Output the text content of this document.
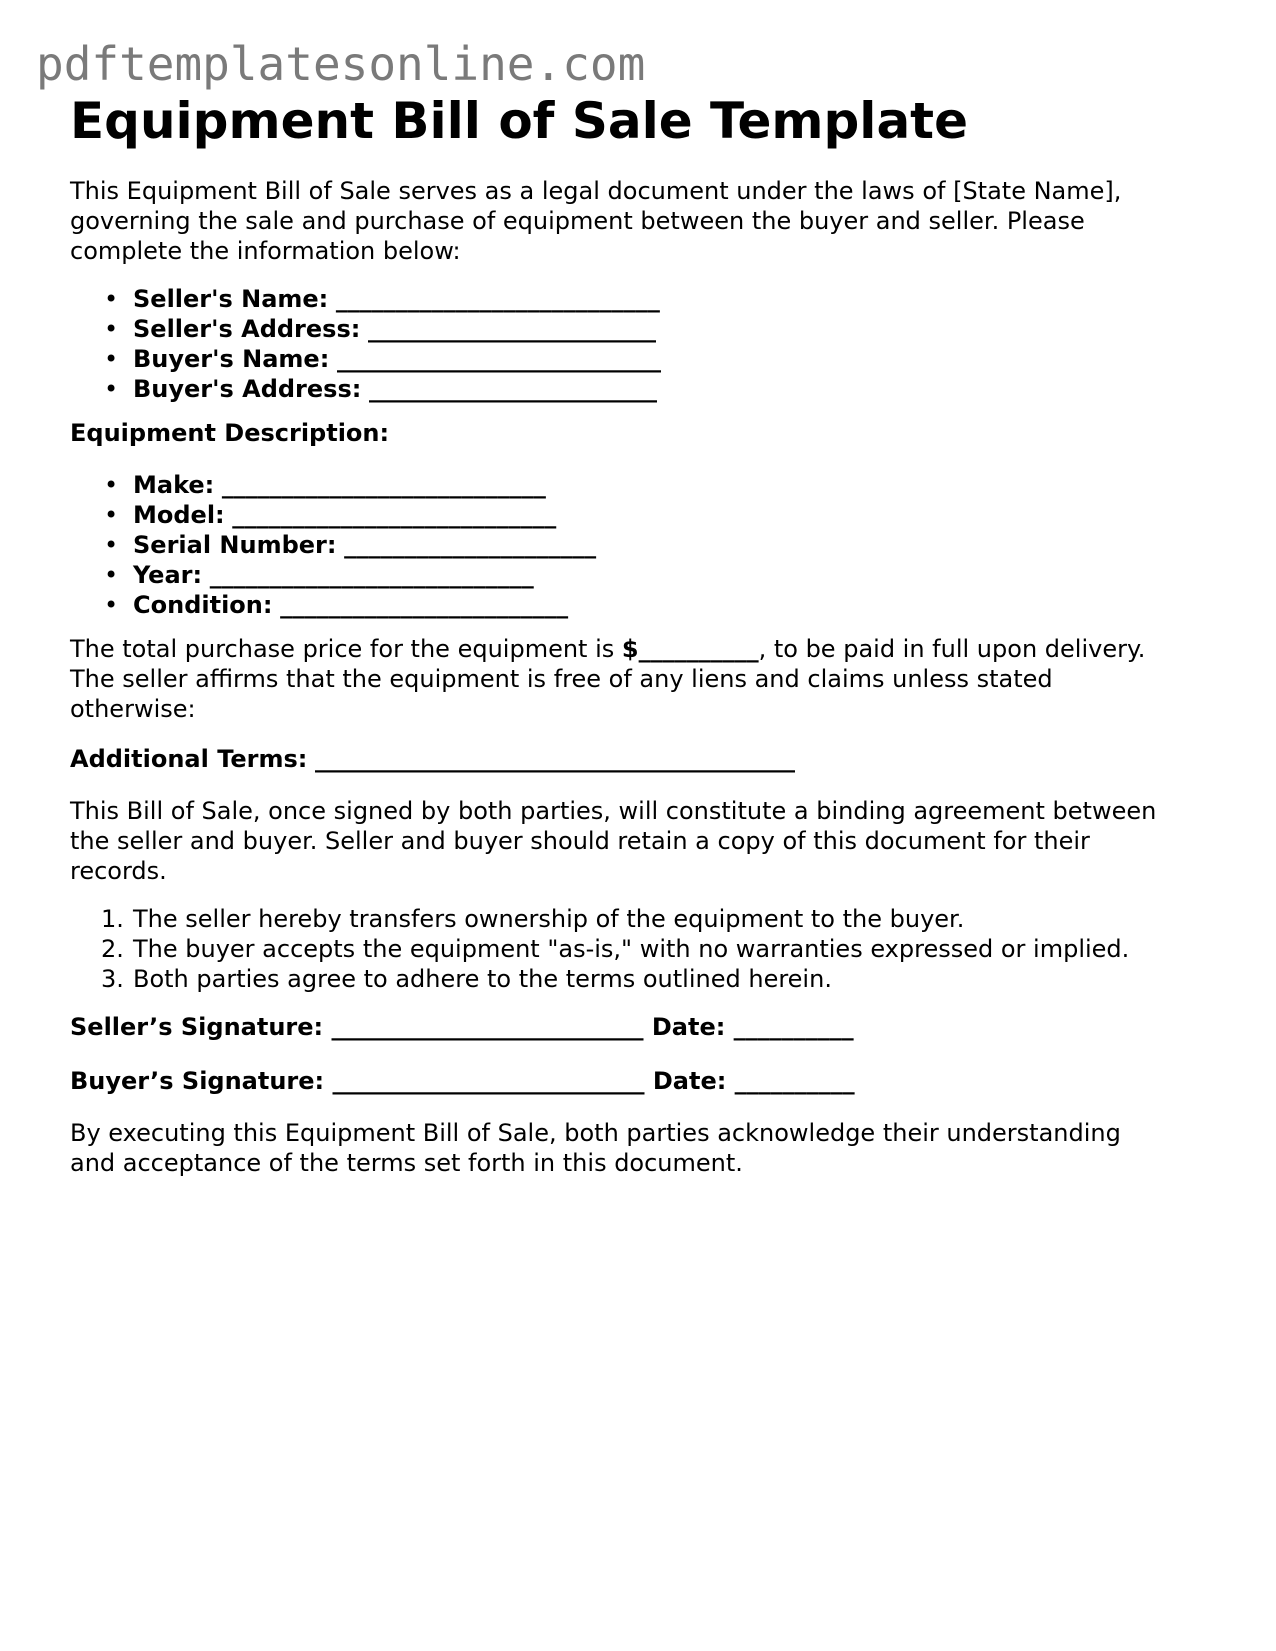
pdftemplatesonline.com
Equipment Bill of Sale Template

This Equipment Bill of Sale serves as a legal document under the laws of [State Name],

governing the sale and purchase of equipment between the buyer and seller. Please

complete the information below:

• Seller's Name: ___________________________
• Seller's Address: ________________________
• Buyer's Name: ___________________________
• Buyer's Address: ________________________

Equipment Description:

• Make: ___________________________
• Model: ___________________________
• Serial Number: _____________________
• Year: ___________________________
• Condition: ________________________

The total purchase price for the equipment is $__________, to be paid in full upon delivery.

The seller affirms that the equipment is free of any liens and claims unless stated

otherwise:

Additional Terms: ________________________________________

This Bill of Sale, once signed by both parties, will constitute a binding agreement between

the seller and buyer. Seller and buyer should retain a copy of this document for their

records.

1. The seller hereby transfers ownership of the equipment to the buyer.
2. The buyer accepts the equipment "as-is," with no warranties expressed or implied.
3. Both parties agree to adhere to the terms outlined herein.

Seller’s Signature: __________________________ Date: __________

Buyer’s Signature: __________________________ Date: __________

By executing this Equipment Bill of Sale, both parties acknowledge their understanding

and acceptance of the terms set forth in this document.
